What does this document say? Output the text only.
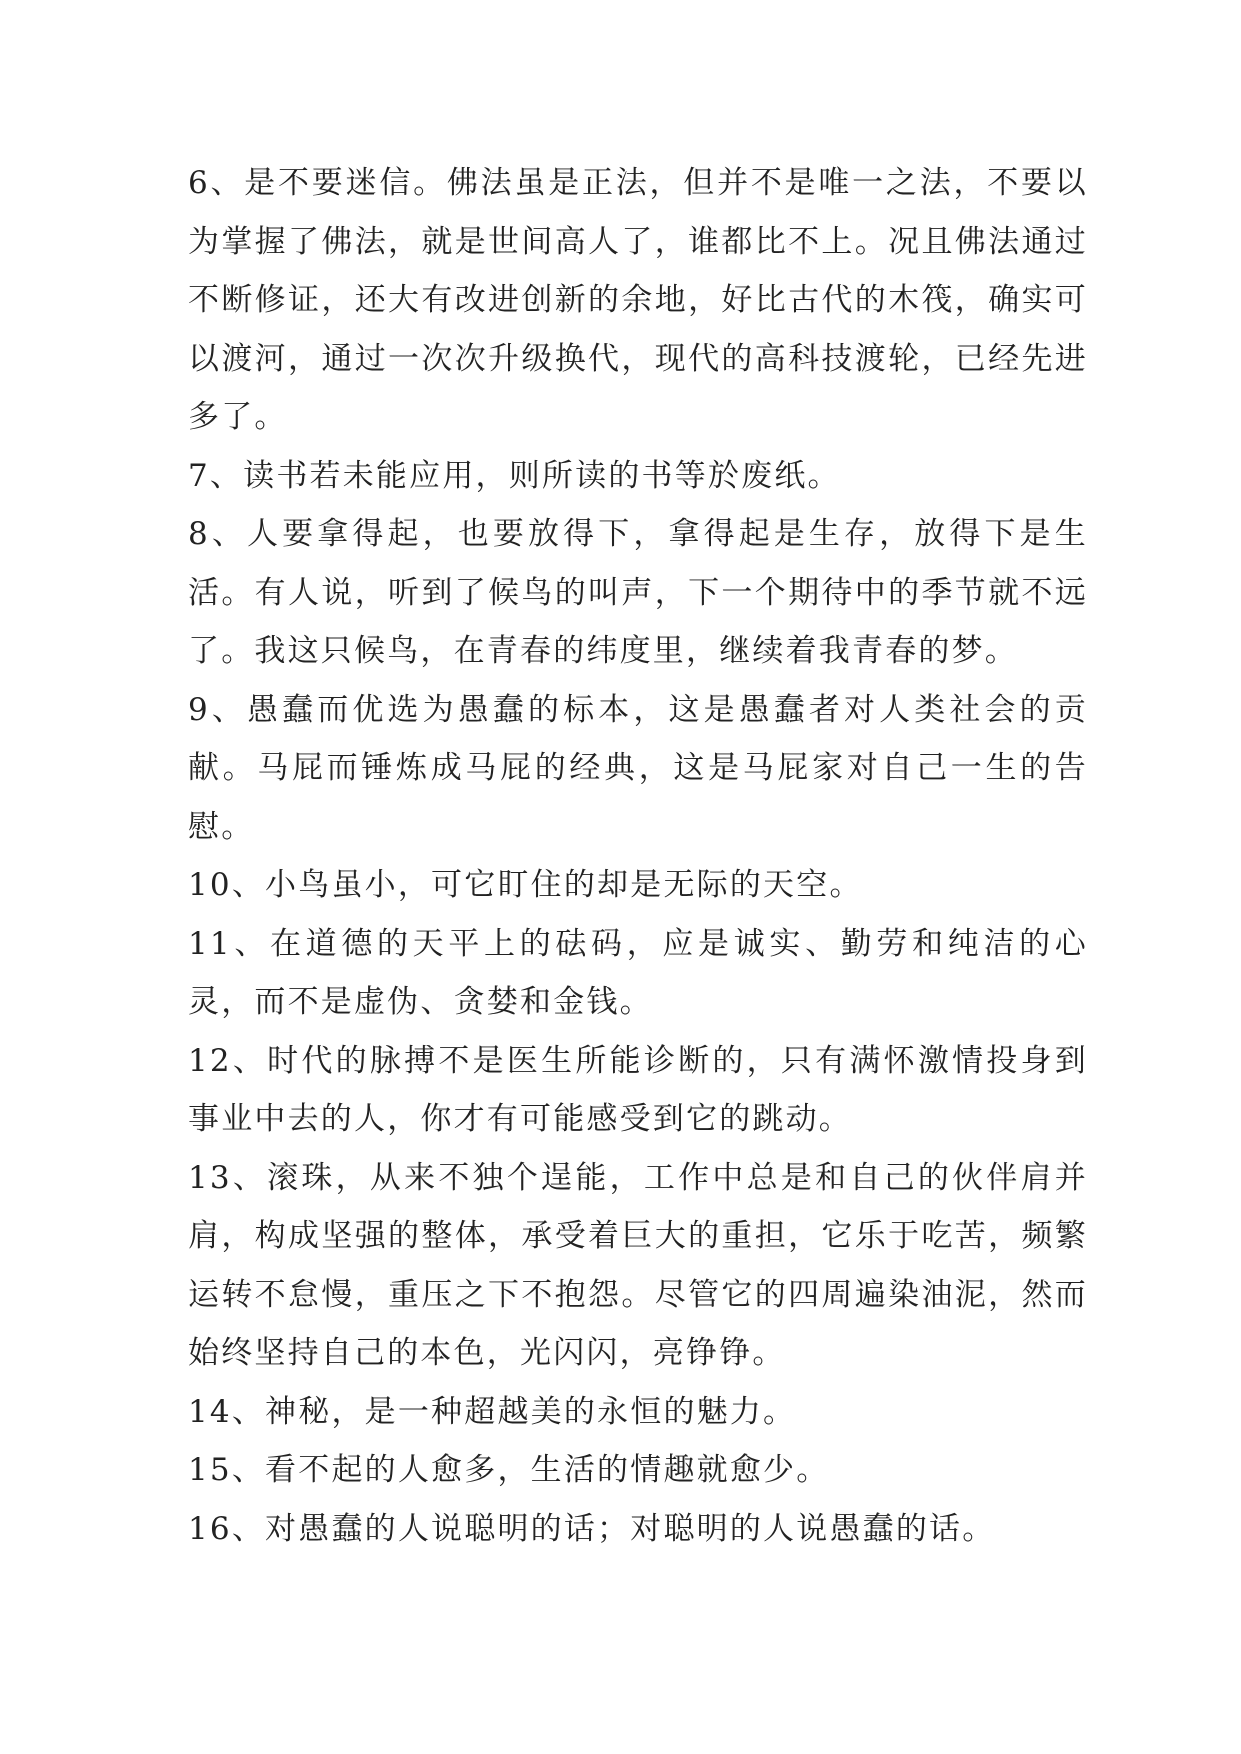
6、是不要迷信。佛法虽是正法，但并不是唯一之法，不要以为掌握了佛法，就是世间高人了，谁都比不上。况且佛法通过不断修证，还大有改进创新的余地，好比古代的木筏，确实可以渡河，通过一次次升级换代，现代的高科技渡轮，已经先进多了。

7、读书若未能应用，则所读的书等於废纸。

8、人要拿得起，也要放得下，拿得起是生存，放得下是生活。有人说，听到了候鸟的叫声，下一个期待中的季节就不远了。我这只候鸟，在青春的纬度里，继续着我青春的梦。

9、愚蠢而优选为愚蠢的标本，这是愚蠢者对人类社会的贡献。马屁而锤炼成马屁的经典，这是马屁家对自己一生的告慰。

10、小鸟虽小，可它盯住的却是无际的天空。

11、在道德的天平上的砝码，应是诚实、勤劳和纯洁的心灵，而不是虚伪、贪婪和金钱。

12、时代的脉搏不是医生所能诊断的，只有满怀激情投身到事业中去的人，你才有可能感受到它的跳动。

13、滚珠，从来不独个逞能，工作中总是和自己的伙伴肩并肩，构成坚强的整体，承受着巨大的重担，它乐于吃苦，频繁运转不怠慢，重压之下不抱怨。尽管它的四周遍染油泥，然而始终坚持自己的本色，光闪闪，亮铮铮。

14、神秘，是一种超越美的永恒的魅力。

15、看不起的人愈多，生活的情趣就愈少。

16、对愚蠢的人说聪明的话；对聪明的人说愚蠢的话。
